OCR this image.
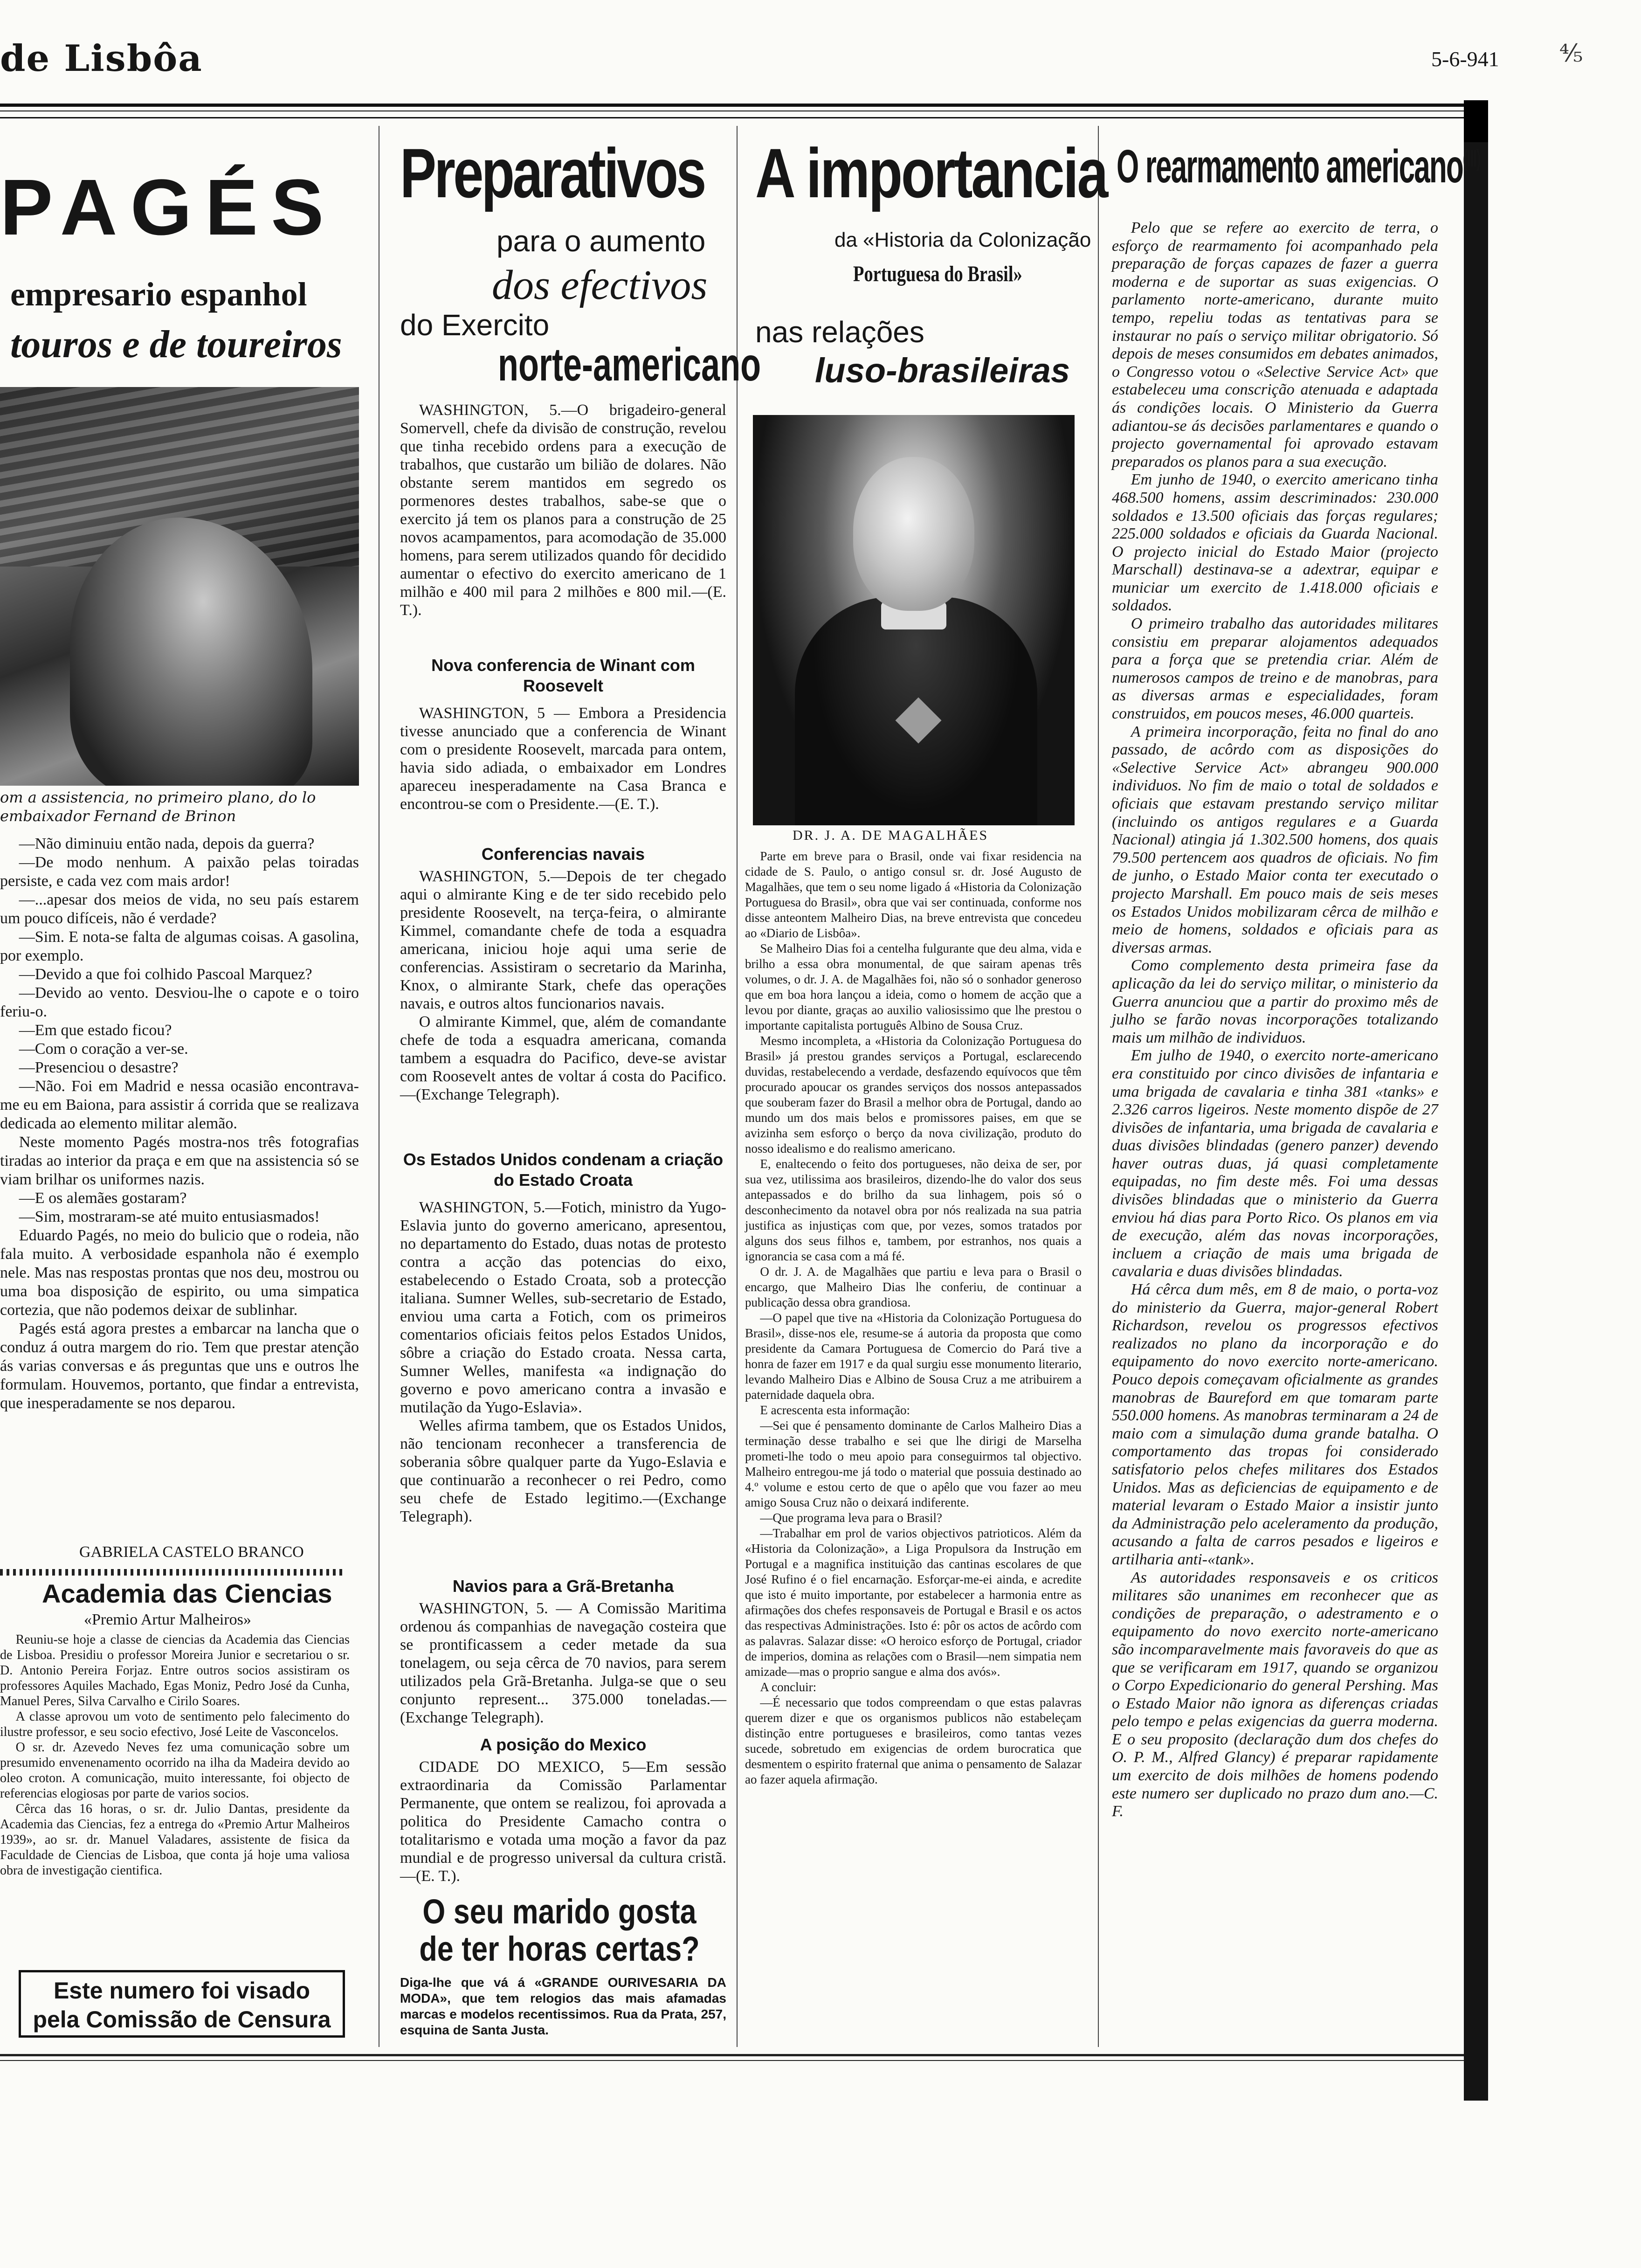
de Lisbôa	5-6-941 ⁴⁄₅
PAGÉS
empresario espanhol
touros e de toureiros
om a assistencia, no primeiro plano, do lo embaixador Fernand de Brinon

—Não diminuiu então nada, depois da guerra?

—De modo nenhum. A paixão pelas toiradas persiste, e cada vez com mais ardor!

—...apesar dos meios de vida, no seu país estarem um pouco difíceis, não é verdade?

—Sim. E nota-se falta de algumas coisas. A gasolina, por exemplo.

—Devido a que foi colhido Pascoal Marquez?

—Devido ao vento. Desviou-lhe o capote e o toiro feriu-o.

—Em que estado ficou?

—Com o coração a ver-se.

—Presenciou o desastre?

—Não. Foi em Madrid e nessa ocasião encontrava-me eu em Baiona, para assistir á corrida que se realizava dedicada ao elemento militar alemão.

Neste momento Pagés mostra-nos três fotografias tiradas ao interior da praça e em que na assistencia só se viam brilhar os uniformes nazis.

—E os alemães gostaram?

—Sim, mostraram-se até muito entusiasmados!

Eduardo Pagés, no meio do bulicio que o rodeia, não fala muito. A verbosidade espanhola não é exemplo nele. Mas nas respostas prontas que nos deu, mostrou ou uma boa disposição de espirito, ou uma simpatica cortezia, que não podemos deixar de sublinhar.

Pagés está agora prestes a embarcar na lancha que o conduz á outra margem do rio. Tem que prestar atenção ás varias conversas e ás preguntas que uns e outros lhe formulam. Houvemos, portanto, que findar a entrevista, que inesperadamente se nos deparou.

GABRIELA CASTELO BRANCO
Academia das Ciencias
«Premio Artur Malheiros»

Reuniu-se hoje a classe de ciencias da Academia das Ciencias de Lisboa. Presidiu o professor Moreira Junior e secretariou o sr. D. Antonio Pereira Forjaz. Entre outros socios assistiram os professores Aquiles Machado, Egas Moniz, Pedro José da Cunha, Manuel Peres, Silva Carvalho e Cirilo Soares.

A classe aprovou um voto de sentimento pelo falecimento do ilustre professor, e seu socio efectivo, José Leite de Vasconcelos.

O sr. dr. Azevedo Neves fez uma comunicação sobre um presumido envenenamento ocorrido na ilha da Madeira devido ao oleo croton. A comunicação, muito interessante, foi objecto de referencias elogiosas por parte de varios socios.

Cêrca das 16 horas, o sr. dr. Julio Dantas, presidente da Academia das Ciencias, fez a entrega do «Premio Artur Malheiros 1939», ao sr. dr. Manuel Valadares, assistente de fisica da Faculdade de Ciencias de Lisboa, que conta já hoje uma valiosa obra de investigação cientifica.

Este numero foi visado
pela Comissão de Censura
Preparativos
para o aumento
dos efectivos
do Exercito
norte-americano

WASHINGTON, 5.—O brigadeiro-general Somervell, chefe da divisão de construção, revelou que tinha recebido ordens para a execução de trabalhos, que custarão um bilião de dolares. Não obstante serem mantidos em segredo os pormenores destes trabalhos, sabe-se que o exercito já tem os planos para a construção de 25 novos acampamentos, para acomodação de 35.000 homens, para serem utilizados quando fôr decidido aumentar o efectivo do exercito americano de 1 milhão e 400 mil para 2 milhões e 800 mil.—(E. T.).

Nova conferencia de Winant com Roosevelt

WASHINGTON, 5 — Embora a Presidencia tivesse anunciado que a conferencia de Winant com o presidente Roosevelt, marcada para ontem, havia sido adiada, o embaixador em Londres apareceu inesperadamente na Casa Branca e encontrou-se com o Presidente.—(E. T.).

Conferencias navais

WASHINGTON, 5.—Depois de ter chegado aqui o almirante King e de ter sido recebido pelo presidente Roosevelt, na terça-feira, o almirante Kimmel, comandante chefe de toda a esquadra americana, iniciou hoje aqui uma serie de conferencias. Assistiram o secretario da Marinha, Knox, o almirante Stark, chefe das operações navais, e outros altos funcionarios navais.

O almirante Kimmel, que, além de comandante chefe de toda a esquadra americana, comanda tambem a esquadra do Pacifico, deve-se avistar com Roosevelt antes de voltar á costa do Pacifico.—(Exchange Telegraph).

Os Estados Unidos condenam a criação do Estado Croata

WASHINGTON, 5.—Fotich, ministro da Yugo-Eslavia junto do governo americano, apresentou, no departamento do Estado, duas notas de protesto contra a acção das potencias do eixo, estabelecendo o Estado Croata, sob a protecção italiana. Sumner Welles, sub-secretario de Estado, enviou uma carta a Fotich, com os primeiros comentarios oficiais feitos pelos Estados Unidos, sôbre a criação do Estado croata. Nessa carta, Sumner Welles, manifesta «a indignação do governo e povo americano contra a invasão e mutilação da Yugo-Eslavia».

Welles afirma tambem, que os Estados Unidos, não tencionam reconhecer a transferencia de soberania sôbre qualquer parte da Yugo-Eslavia e que continuarão a reconhecer o rei Pedro, como seu chefe de Estado legitimo.—(Exchange Telegraph).

Navios para a Grã-Bretanha

WASHINGTON, 5. — A Comissão Maritima ordenou ás companhias de navegação costeira que se prontificassem a ceder metade da sua tonelagem, ou seja cêrca de 70 navios, para serem utilizados pela Grã-Bretanha. Julga-se que o seu conjunto represent... 375.000 toneladas.—(Exchange Telegraph).

A posição do Mexico

CIDADE DO MEXICO, 5—Em sessão extraordinaria da Comissão Parlamentar Permanente, que ontem se realizou, foi aprovada a politica do Presidente Camacho contra o totalitarismo e votada uma moção a favor da paz mundial e de progresso universal da cultura cristã.—(E. T.).

O seu marido gosta
de ter horas certas?
Diga-lhe que vá á «GRANDE OURIVESARIA DA MODA», que tem relogios das mais afamadas marcas e modelos recentissimos. Rua da Prata, 257, esquina de Santa Justa.
A importancia
da «Historia da Colonização
Portuguesa do Brasil»
nas relações
luso-brasileiras
DR. J. A. DE MAGALHÃES

Parte em breve para o Brasil, onde vai fixar residencia na cidade de S. Paulo, o antigo consul sr. dr. José Augusto de Magalhães, que tem o seu nome ligado á «Historia da Colonização Portuguesa do Brasil», obra que vai ser continuada, conforme nos disse anteontem Malheiro Dias, na breve entrevista que concedeu ao «Diario de Lisbôa».

Se Malheiro Dias foi a centelha fulgurante que deu alma, vida e brilho a essa obra monumental, de que sairam apenas três volumes, o dr. J. A. de Magalhães foi, não só o sonhador generoso que em boa hora lançou a ideia, como o homem de acção que a levou por diante, graças ao auxilio valiosissimo que lhe prestou o importante capitalista português Albino de Sousa Cruz.

Mesmo incompleta, a «Historia da Colonização Portuguesa do Brasil» já prestou grandes serviços a Portugal, esclarecendo duvidas, restabelecendo a verdade, desfazendo equívocos que têm procurado apoucar os grandes serviços dos nossos antepassados que souberam fazer do Brasil a melhor obra de Portugal, dando ao mundo um dos mais belos e promissores paises, em que se avizinha sem esforço o berço da nova civilização, produto do nosso idealismo e do realismo americano.

E, enaltecendo o feito dos portugueses, não deixa de ser, por sua vez, utilissima aos brasileiros, dizendo-lhe do valor dos seus antepassados e do brilho da sua linhagem, pois só o desconhecimento da notavel obra por nós realizada na sua patria justifica as injustiças com que, por vezes, somos tratados por alguns dos seus filhos e, tambem, por estranhos, nos quais a ignorancia se casa com a má fé.

O dr. J. A. de Magalhães que partiu e leva para o Brasil o encargo, que Malheiro Dias lhe conferiu, de continuar a publicação dessa obra grandiosa.

—O papel que tive na «Historia da Colonização Portuguesa do Brasil», disse-nos ele, resume-se á autoria da proposta que como presidente da Camara Portuguesa de Comercio do Pará tive a honra de fazer em 1917 e da qual surgiu esse monumento literario, levando Malheiro Dias e Albino de Sousa Cruz a me atribuirem a paternidade daquela obra.

E acrescenta esta informação:

—Sei que é pensamento dominante de Carlos Malheiro Dias a terminação desse trabalho e sei que lhe dirigi de Marselha prometi-lhe todo o meu apoio para conseguirmos tal objectivo. Malheiro entregou-me já todo o material que possuia destinado ao 4.º volume e estou certo de que o apêlo que vou fazer ao meu amigo Sousa Cruz não o deixará indiferente.

—Que programa leva para o Brasil?

—Trabalhar em prol de varios objectivos patrioticos. Além da «Historia da Colonização», a Liga Propulsora da Instrução em Portugal e a magnifica instituição das cantinas escolares de que José Rufino é o fiel encarnação. Esforçar-me-ei ainda, e acredite que isto é muito importante, por estabelecer a harmonia entre as afirmações dos chefes responsaveis de Portugal e Brasil e os actos das respectivas Administrações. Isto é: pôr os actos de acôrdo com as palavras. Salazar disse: «O heroico esforço de Portugal, criador de imperios, domina as relações com o Brasil—nem simpatia nem amizade—mas o proprio sangue e alma dos avós».

A concluir:

—É necessario que todos compreendam o que estas palavras querem dizer e que os organismos publicos não estabeleçam distinção entre portugueses e brasileiros, como tantas vezes sucede, sobretudo em exigencias de ordem burocratica que desmentem o espirito fraternal que anima o pensamento de Salazar ao fazer aquela afirmação.

O rearmamento americano$^{(III)}$

Pelo que se refere ao exercito de terra, o esforço de rearmamento foi acompanhado pela preparação de forças capazes de fazer a guerra moderna e de suportar as suas exigencias. O parlamento norte-americano, durante muito tempo, repeliu todas as tentativas para se instaurar no país o serviço militar obrigatorio. Só depois de meses consumidos em debates animados, o Congresso votou o «Selective Service Act» que estabeleceu uma conscrição atenuada e adaptada ás condições locais. O Ministerio da Guerra adiantou-se ás decisões parlamentares e quando o projecto governamental foi aprovado estavam preparados os planos para a sua execução.

Em junho de 1940, o exercito americano tinha 468.500 homens, assim descriminados: 230.000 soldados e 13.500 oficiais das forças regulares; 225.000 soldados e oficiais da Guarda Nacional. O projecto inicial do Estado Maior (projecto Marschall) destinava-se a adextrar, equipar e municiar um exercito de 1.418.000 oficiais e soldados.

O primeiro trabalho das autoridades militares consistiu em preparar alojamentos adequados para a força que se pretendia criar. Além de numerosos campos de treino e de manobras, para as diversas armas e especialidades, foram construidos, em poucos meses, 46.000 quarteis.

A primeira incorporação, feita no final do ano passado, de acôrdo com as disposições do «Selective Service Act» abrangeu 900.000 individuos. No fim de maio o total de soldados e oficiais que estavam prestando serviço militar (incluindo os antigos regulares e a Guarda Nacional) atingia já 1.302.500 homens, dos quais 79.500 pertencem aos quadros de oficiais. No fim de junho, o Estado Maior conta ter executado o projecto Marshall. Em pouco mais de seis meses os Estados Unidos mobilizaram cêrca de milhão e meio de homens, soldados e oficiais para as diversas armas.

Como complemento desta primeira fase da aplicação da lei do serviço militar, o ministerio da Guerra anunciou que a partir do proximo mês de julho se farão novas incorporações totalizando mais um milhão de individuos.

Em julho de 1940, o exercito norte-americano era constituido por cinco divisões de infantaria e uma brigada de cavalaria e tinha 381 «tanks» e 2.326 carros ligeiros. Neste momento dispõe de 27 divisões de infantaria, uma brigada de cavalaria e duas divisões blindadas (genero panzer) devendo haver outras duas, já quasi completamente equipadas, no fim deste mês. Foi uma dessas divisões blindadas que o ministerio da Guerra enviou há dias para Porto Rico. Os planos em via de execução, além das novas incorporações, incluem a criação de mais uma brigada de cavalaria e duas divisões blindadas.

Há cêrca dum mês, em 8 de maio, o porta-voz do ministerio da Guerra, major-general Robert Richardson, revelou os progressos efectivos realizados no plano da incorporação e do equipamento do novo exercito norte-americano. Pouco depois começavam oficialmente as grandes manobras de Baureford em que tomaram parte 550.000 homens. As manobras terminaram a 24 de maio com a simulação duma grande batalha. O comportamento das tropas foi considerado satisfatorio pelos chefes militares dos Estados Unidos. Mas as deficiencias de equipamento e de material levaram o Estado Maior a insistir junto da Administração pelo aceleramento da produção, acusando a falta de carros pesados e ligeiros e artilharia anti-«tank».

As autoridades responsaveis e os criticos militares são unanimes em reconhecer que as condições de preparação, o adestramento e o equipamento do novo exercito norte-americano são incomparavelmente mais favoraveis do que as que se verificaram em 1917, quando se organizou o Corpo Expedicionario do general Pershing. Mas o Estado Maior não ignora as diferenças criadas pelo tempo e pelas exigencias da guerra moderna. E o seu proposito (declaração dum dos chefes do O. P. M., Alfred Glancy) é preparar rapidamente um exercito de dois milhões de homens podendo este numero ser duplicado no prazo dum ano.—C. F.
